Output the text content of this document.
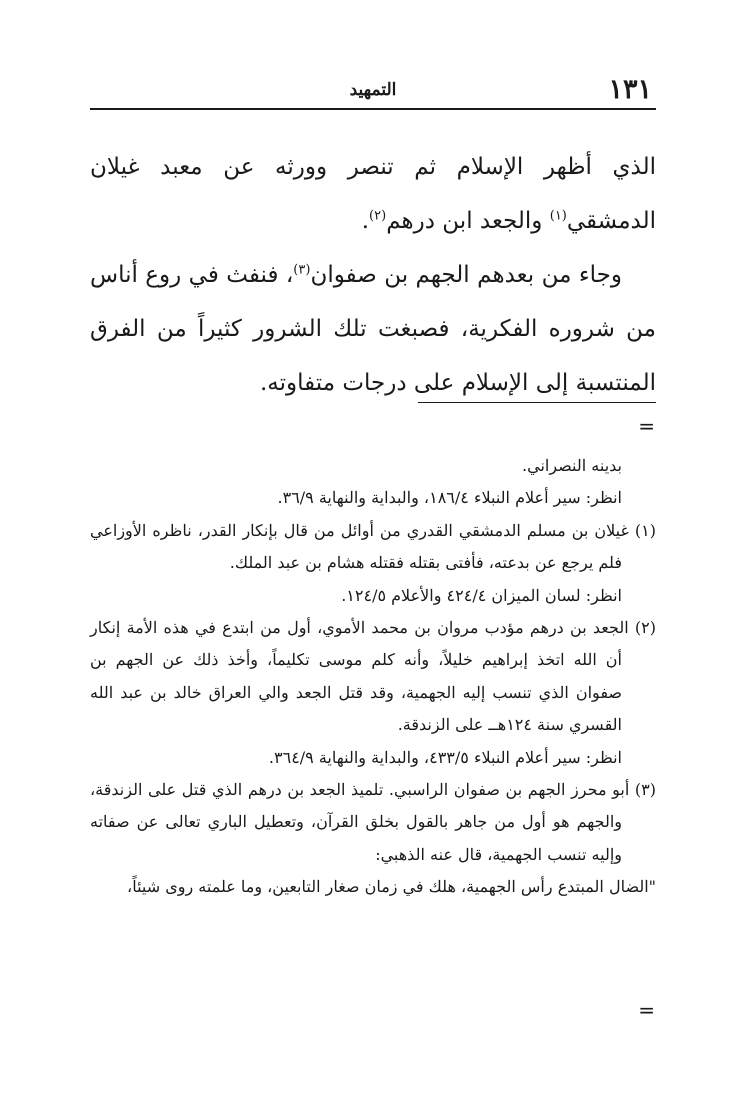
١٣١
التمهيد

الذي أظهر الإسلام ثم تنصر وورثه عن معبد غيلان الدمشقي$^{(١)}$ والجعد ابن درهم$^{(٢)}$.

وجاء من بعدهم الجهم بن صفوان$^{(٣)}$، فنفث في روع أناس من شروره الفكرية، فصبغت تلك الشرور كثيراً من الفرق المنتسبة إلى الإسلام على درجات متفاوته.

=

بدينه النصراني.

انظر: سير أعلام النبلاء ١٨٦/٤، والبداية والنهاية ٣٦/٩.

(١) غيلان بن مسلم الدمشقي القدري من أوائل من قال بإنكار القدر، ناظره الأوزاعي فلم يرجع عن بدعته، فأفتى بقتله فقتله هشام بن عبد الملك.

انظر: لسان الميزان ٤٢٤/٤ والأعلام ١٢٤/٥.

(٢) الجعد بن درهم مؤدب مروان بن محمد الأموي، أول من ابتدع في هذه الأمة إنكار أن الله اتخذ إبراهيم خليلاً، وأنه كلم موسى تكليماً، وأخذ ذلك عن الجهم بن صفوان الذي تنسب إليه الجهمية، وقد قتل الجعد والي العراق خالد بن عبد الله القسري سنة ١٢٤هــ على الزندقة.

انظر: سير أعلام النبلاء ٤٣٣/٥، والبداية والنهاية ٣٦٤/٩.

(٣) أبو محرز الجهم بن صفوان الراسبي. تلميذ الجعد بن درهم الذي قتل على الزندقة، والجهم هو أول من جاهر بالقول بخلق القرآن، وتعطيل الباري تعالى عن صفاته وإليه تنسب الجهمية، قال عنه الذهبي:

"الضال المبتدع رأس الجهمية، هلك في زمان صغار التابعين، وما علمته روى شيئاً،

=
